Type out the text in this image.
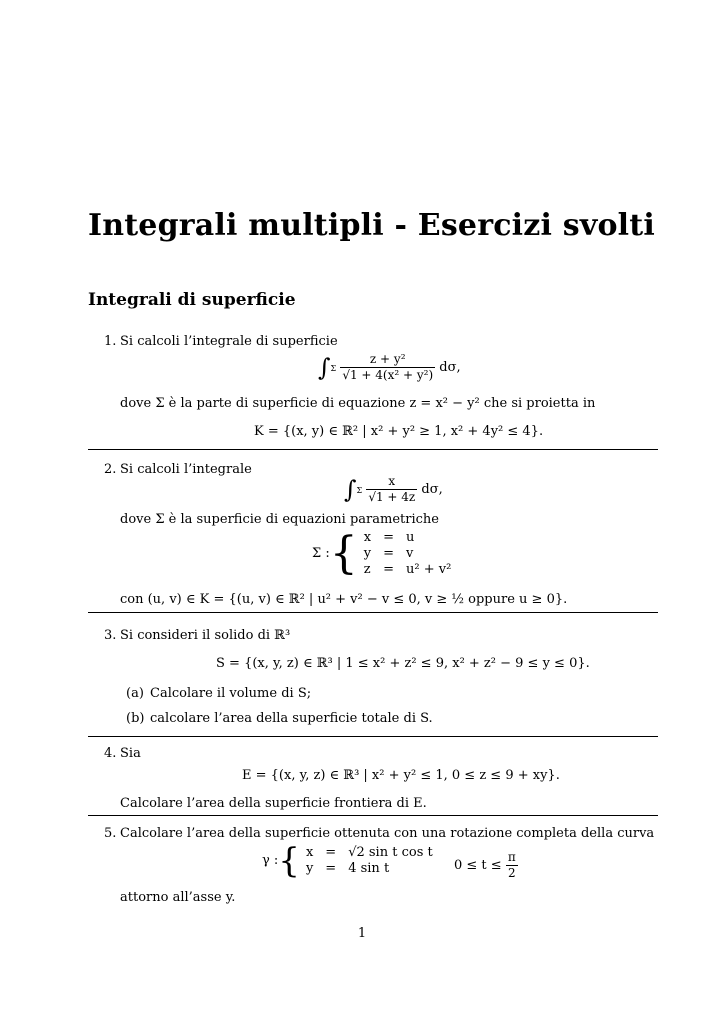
Integrali multipli - Esercizi svolti
Integrali di superficie
1. Si calcoli l’integrale di superficie
$\int\Sigma \frac{\text{z + y²}}{\text{√1 + 4(x² + y²)}} d\sigma$,
dove Σ è la parte di superficie di equazione z = x² − y² che si proietta in
K = {(x, y) ∈ ℝ² | x² + y² ≥ 1, x² + 4y² ≤ 4}.
2. Si calcoli l’integrale
$\int\Sigma \frac{x}{√1 + 4z} d\sigma$,
dove Σ è la superficie di equazioni parametriche
Σ : { x	=	u
y	=	v
z	=	u² + v²
con (u, v) ∈ K = {(u, v) ∈ ℝ² | u² + v² − v ≤ 0, v ≥ ½ oppure u ≥ 0}.
3. Si consideri il solido di ℝ³
S = {(x, y, z) ∈ ℝ³ | 1 ≤ x² + z² ≤ 9, x² + z² − 9 ≤ y ≤ 0}.
(a) Calcolare il volume di S;
(b) calcolare l’area della superficie totale di S.
4. Sia
E = {(x, y, z) ∈ ℝ³ | x² + y² ≤ 1, 0 ≤ z ≤ 9 + xy}.
Calcolare l’area della superficie frontiera di E.
5. Calcolare l’area della superficie ottenuta con una rotazione completa della curva
γ : { x	=	√2 sin t cos t
y	=	4 sin t	0 ≤ t ≤
$\frac{\pi}{2}$
attorno all’asse y.
1
